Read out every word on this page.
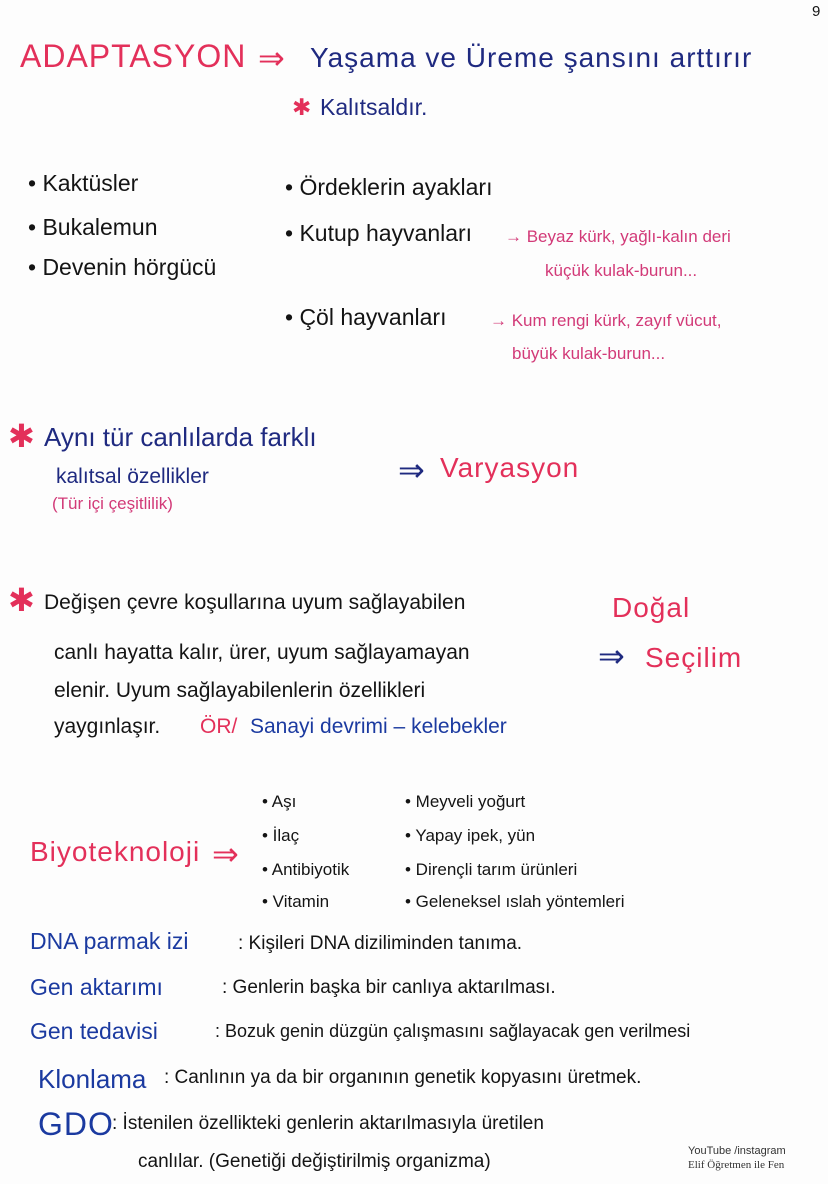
9
ADAPTASYON ⇒ Yaşama ve Üreme şansını arttırır
✱ Kalıtsaldır.
• Kaktüsler
• Bukalemun
• Devenin hörgücü
• Ördeklerin ayakları
• Kutup hayvanları → Beyaz kürk, yağlı-kalın deri
küçük kulak-burun...
• Çöl hayvanları	→ Kum rengi kürk, zayıf vücut,
büyük kulak-burun...
✱ Aynı tür canlılarda farklı
kalıtsal özellikler
(Tür içi çeşitlilik)
⇒ Varyasyon
✱ Değişen çevre koşullarına uyum sağlayabilen
canlı hayatta kalır, ürer, uyum sağlayamayan
elenir. Uyum sağlayabilenlerin özellikleri
yaygınlaşır. ÖR/ Sanayi devrimi – kelebekler
⇒
Doğal
Seçilim
Biyoteknoloji ⇒
• Aşı
• İlaç
• Antibiyotik
• Vitamin
• Meyveli yoğurt
• Yapay ipek, yün
• Dirençli tarım ürünleri
• Geleneksel ıslah yöntemleri
DNA parmak izi	: Kişileri DNA diziliminden tanıma.
Gen aktarımı	: Genlerin başka bir canlıya aktarılması.
Gen tedavisi	: Bozuk genin düzgün çalışmasını sağlayacak gen verilmesi
Klonlama : Canlının ya da bir organının genetik kopyasını üretmek.
GDO
: İstenilen özellikteki genlerin aktarılmasıyla üretilen
canlılar. (Genetiği değiştirilmiş organizma)	YouTube /instagram
Elif Öğretmen ile Fen
